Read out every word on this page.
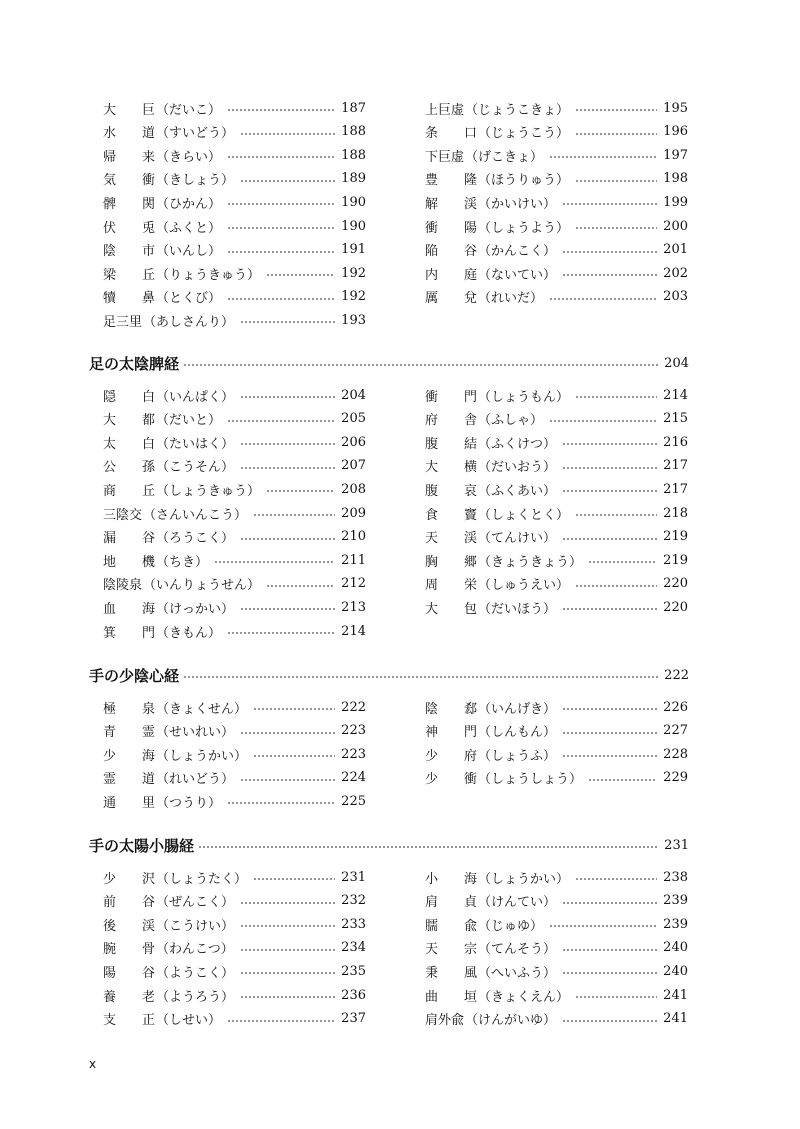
大 巨 （だいこ）	187
水 道 （すいどう）	188
帰 来 （きらい）	188
気 衝 （きしょう）	189
髀 関 （ひかん）	190
伏 兎 （ふくと）	190
陰 市 （いんし）	191
梁 丘 （りょうきゅう）	192
犢 鼻 （とくび）	192
足三里 （あしさんり）	193
上巨虚 （じょうこきょ）	195
条 口 （じょうこう）	196
下巨虚 （げこきょ）	197
豊 隆 （ほうりゅう）	198
解 渓 （かいけい）	199
衝 陽 （しょうよう）	200
陥 谷 （かんこく）	201
内 庭 （ないてい）	202
厲 兌 （れいだ）	203
足の太陰脾経	204
隠 白 （いんぱく）	204
大 都 （だいと）	205
太 白 （たいはく）	206
公 孫 （こうそん）	207
商 丘 （しょうきゅう）	208
三陰交 （さんいんこう）	209
漏 谷 （ろうこく）	210
地 機 （ちき）	211
陰陵泉 （いんりょうせん）	212
血 海 （けっかい）	213
箕 門 （きもん）	214
衝 門 （しょうもん）	214
府 舎 （ふしゃ）	215
腹 結 （ふくけつ）	216
大 横 （だいおう）	217
腹 哀 （ふくあい）	217
食 竇 （しょくとく）	218
天 渓 （てんけい）	219
胸 郷 （きょうきょう）	219
周 栄 （しゅうえい）	220
大 包 （だいほう）	220
手の少陰心経	222
極 泉 （きょくせん）	222
青 霊 （せいれい）	223
少 海 （しょうかい）	223
霊 道 （れいどう）	224
通 里 （つうり）	225
陰 郄 （いんげき）	226
神 門 （しんもん）	227
少 府 （しょうふ）	228
少 衝 （しょうしょう）	229
手の太陽小腸経	231
少 沢 （しょうたく）	231
前 谷 （ぜんこく）	232
後 渓 （こうけい）	233
腕 骨 （わんこつ）	234
陽 谷 （ようこく）	235
養 老 （ようろう）	236
支 正 （しせい）	237
小 海 （しょうかい）	238
肩 貞 （けんてい）	239
臑 兪 （じゅゆ）	239
天 宗 （てんそう）	240
秉 風 （へいふう）	240
曲 垣 （きょくえん）	241
肩外兪 （けんがいゆ）	241
x
